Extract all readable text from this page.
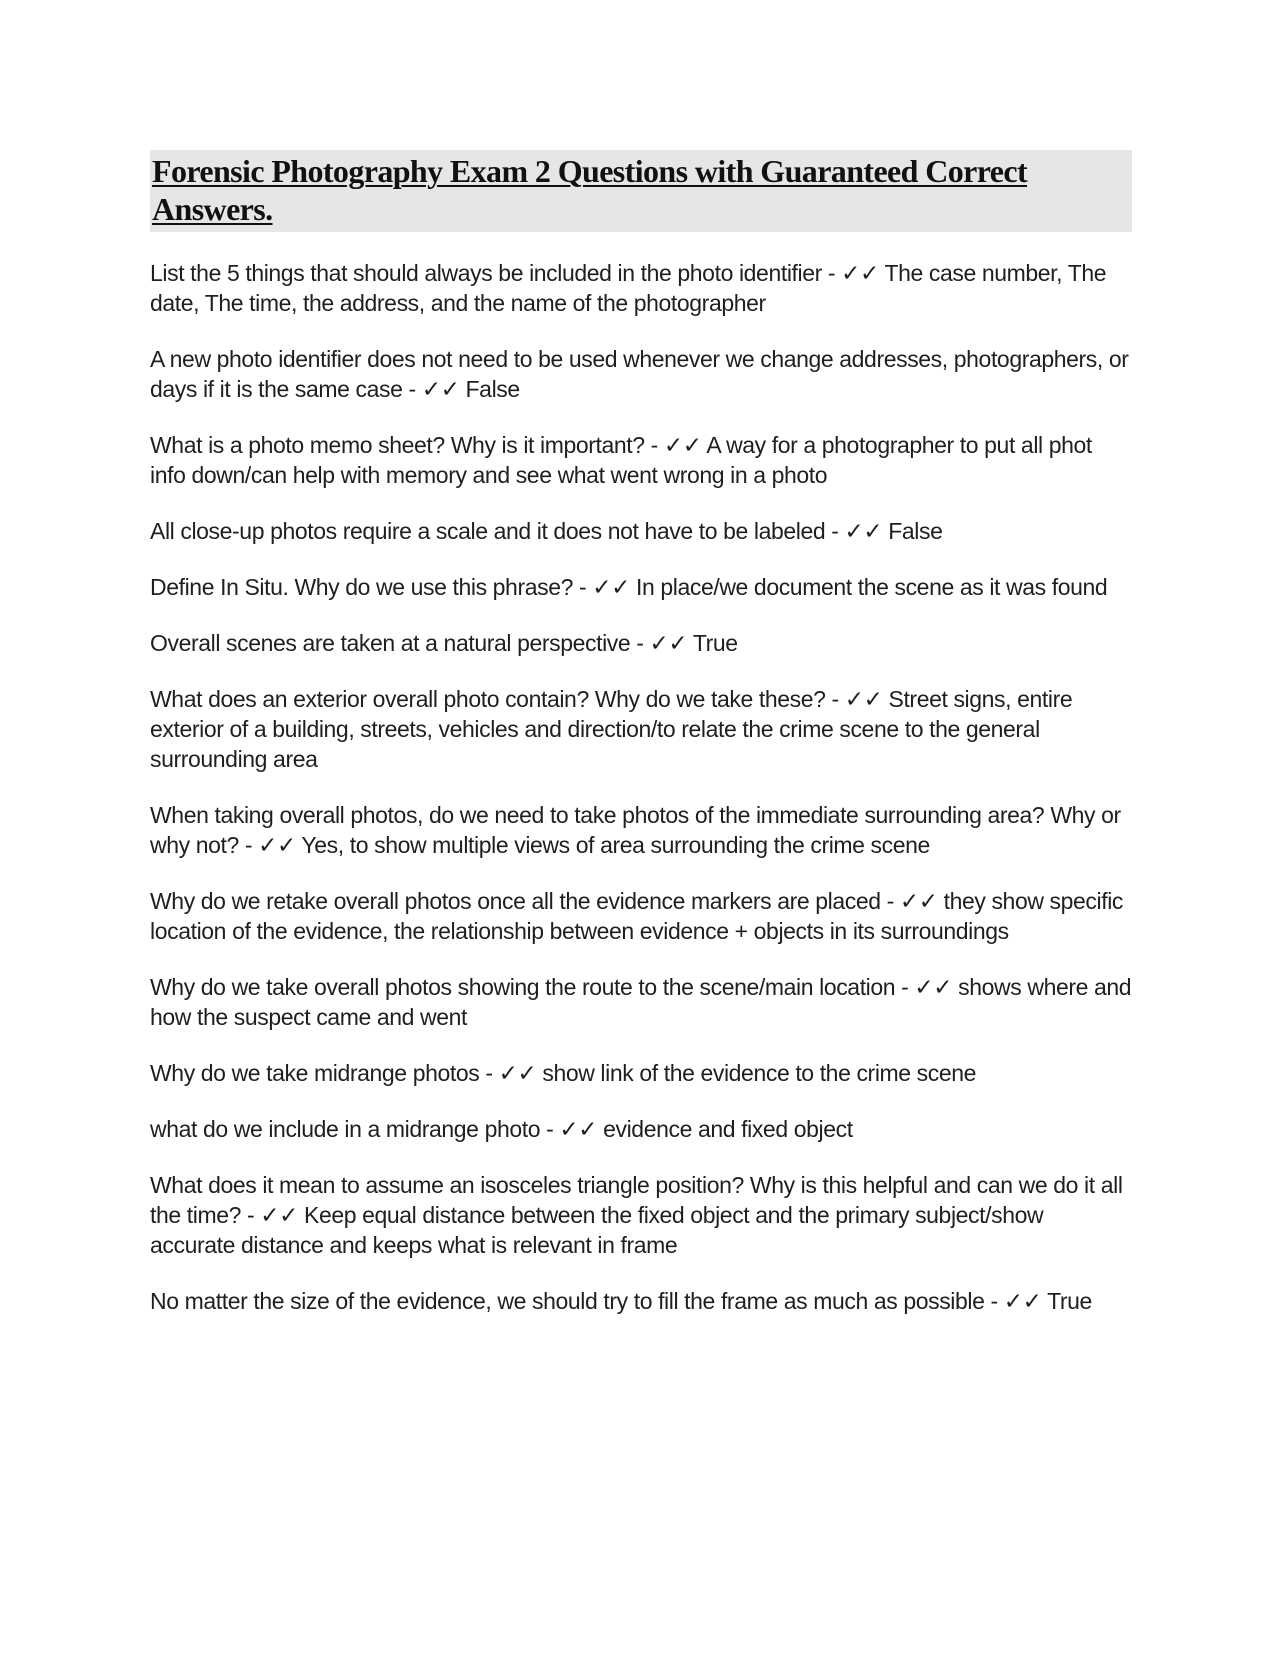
Forensic Photography Exam 2 Questions with Guaranteed Correct Answers.

List the 5 things that should always be included in the photo identifier - ✓✓ The case number, The date, The time, the address, and the name of the photographer

A new photo identifier does not need to be used whenever we change addresses, photographers, or days if it is the same case - ✓✓ False

What is a photo memo sheet? Why is it important? - ✓✓ A way for a photographer to put all phot info down/can help with memory and see what went wrong in a photo

All close-up photos require a scale and it does not have to be labeled - ✓✓ False

Define In Situ. Why do we use this phrase? - ✓✓ In place/we document the scene as it was found

Overall scenes are taken at a natural perspective - ✓✓ True

What does an exterior overall photo contain? Why do we take these? - ✓✓ Street signs, entire exterior of a building, streets, vehicles and direction/to relate the crime scene to the general surrounding area

When taking overall photos, do we need to take photos of the immediate surrounding area? Why or why not? - ✓✓ Yes, to show multiple views of area surrounding the crime scene

Why do we retake overall photos once all the evidence markers are placed - ✓✓ they show specific location of the evidence, the relationship between evidence + objects in its surroundings

Why do we take overall photos showing the route to the scene/main location - ✓✓ shows where and how the suspect came and went

Why do we take midrange photos - ✓✓ show link of the evidence to the crime scene

what do we include in a midrange photo - ✓✓ evidence and fixed object

What does it mean to assume an isosceles triangle position? Why is this helpful and can we do it all the time? - ✓✓ Keep equal distance between the fixed object and the primary subject/show accurate distance and keeps what is relevant in frame

No matter the size of the evidence, we should try to fill the frame as much as possible - ✓✓ True
